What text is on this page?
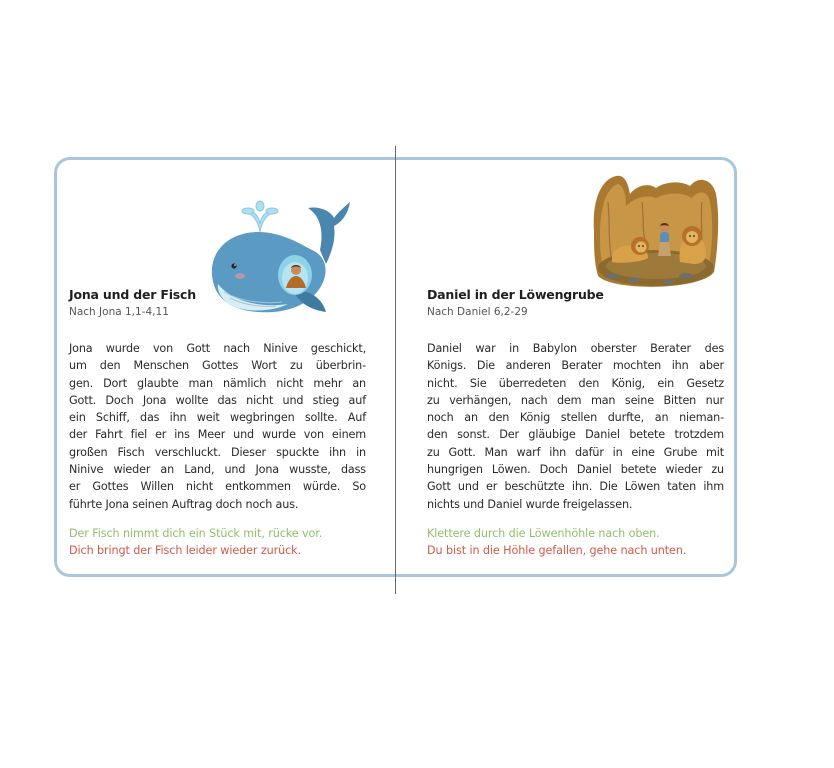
Jona und der Fisch
Nach Jona 1,1-4,11
Jona wurde von Gott nach Ninive geschickt,
um den Menschen Gottes Wort zu überbrin-
gen. Dort glaubte man nämlich nicht mehr an
Gott. Doch Jona wollte das nicht und stieg auf
ein Schiff, das ihn weit wegbringen sollte. Auf
der Fahrt fiel er ins Meer und wurde von einem
großen Fisch verschluckt. Dieser spuckte ihn in
Ninive wieder an Land, und Jona wusste, dass
er Gottes Willen nicht entkommen würde. So
führte Jona seinen Auftrag doch noch aus.
Der Fisch nimmt dich ein Stück mit, rücke vor.
Dich bringt der Fisch leider wieder zurück.
Daniel in der Löwengrube
Nach Daniel 6,2-29
Daniel war in Babylon oberster Berater des
Königs. Die anderen Berater mochten ihn aber
nicht. Sie überredeten den König, ein Gesetz
zu verhängen, nach dem man seine Bitten nur
noch an den König stellen durfte, an nieman-
den sonst. Der gläubige Daniel betete trotzdem
zu Gott. Man warf ihn dafür in eine Grube mit
hungrigen Löwen. Doch Daniel betete wieder zu
Gott und er beschützte ihn. Die Löwen taten ihm
nichts und Daniel wurde freigelassen.
Klettere durch die Löwenhöhle nach oben.
Du bist in die Höhle gefallen, gehe nach unten.
